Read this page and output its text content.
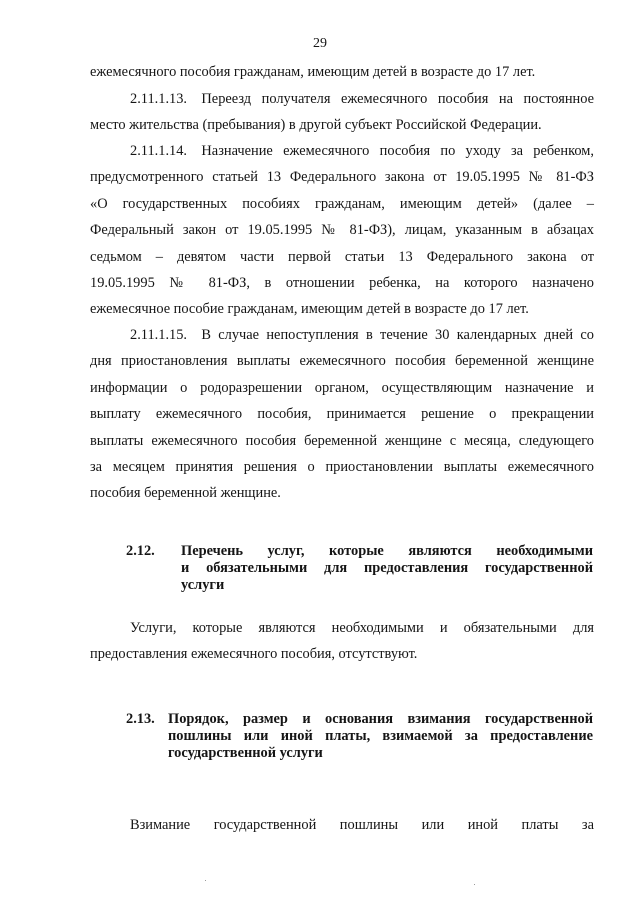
29

ежемесячного пособия гражданам, имеющим детей в возрасте до 17 лет.

2.11.1.13. Переезд получателя ежемесячного пособия на постоянное

место жительства (пребывания) в другой субъект Российской Федерации.

2.11.1.14. Назначение ежемесячного пособия по уходу за ребенком,

предусмотренного статьей 13 Федерального закона от 19.05.1995 № 81-ФЗ

«О государственных пособиях гражданам, имеющим детей» (далее –

Федеральный закон от 19.05.1995 № 81-ФЗ), лицам, указанным в абзацах

седьмом – девятом части первой статьи 13 Федерального закона от

19.05.1995 № 81-ФЗ, в отношении ребенка, на которого назначено

ежемесячное пособие гражданам, имеющим детей в возрасте до 17 лет.

2.11.1.15. В случае непоступления в течение 30 календарных дней со

дня приостановления выплаты ежемесячного пособия беременной женщине

информации о родоразрешении органом, осуществляющим назначение и

выплату ежемесячного пособия, принимается решение о прекращении

выплаты ежемесячного пособия беременной женщине с месяца, следующего

за месяцем принятия решения о приостановлении выплаты ежемесячного

пособия беременной женщине.

2.12. Перечень услуг, которые являются необходимыми
и обязательными для предоставления государственной
услуги

Услуги, которые являются необходимыми и обязательными для

предоставления ежемесячного пособия, отсутствуют.

2.13. Порядок, размер и основания взимания государственной
пошлины или иной платы, взимаемой за предоставление
государственной услуги

Взимание государственной пошлины или иной платы за
